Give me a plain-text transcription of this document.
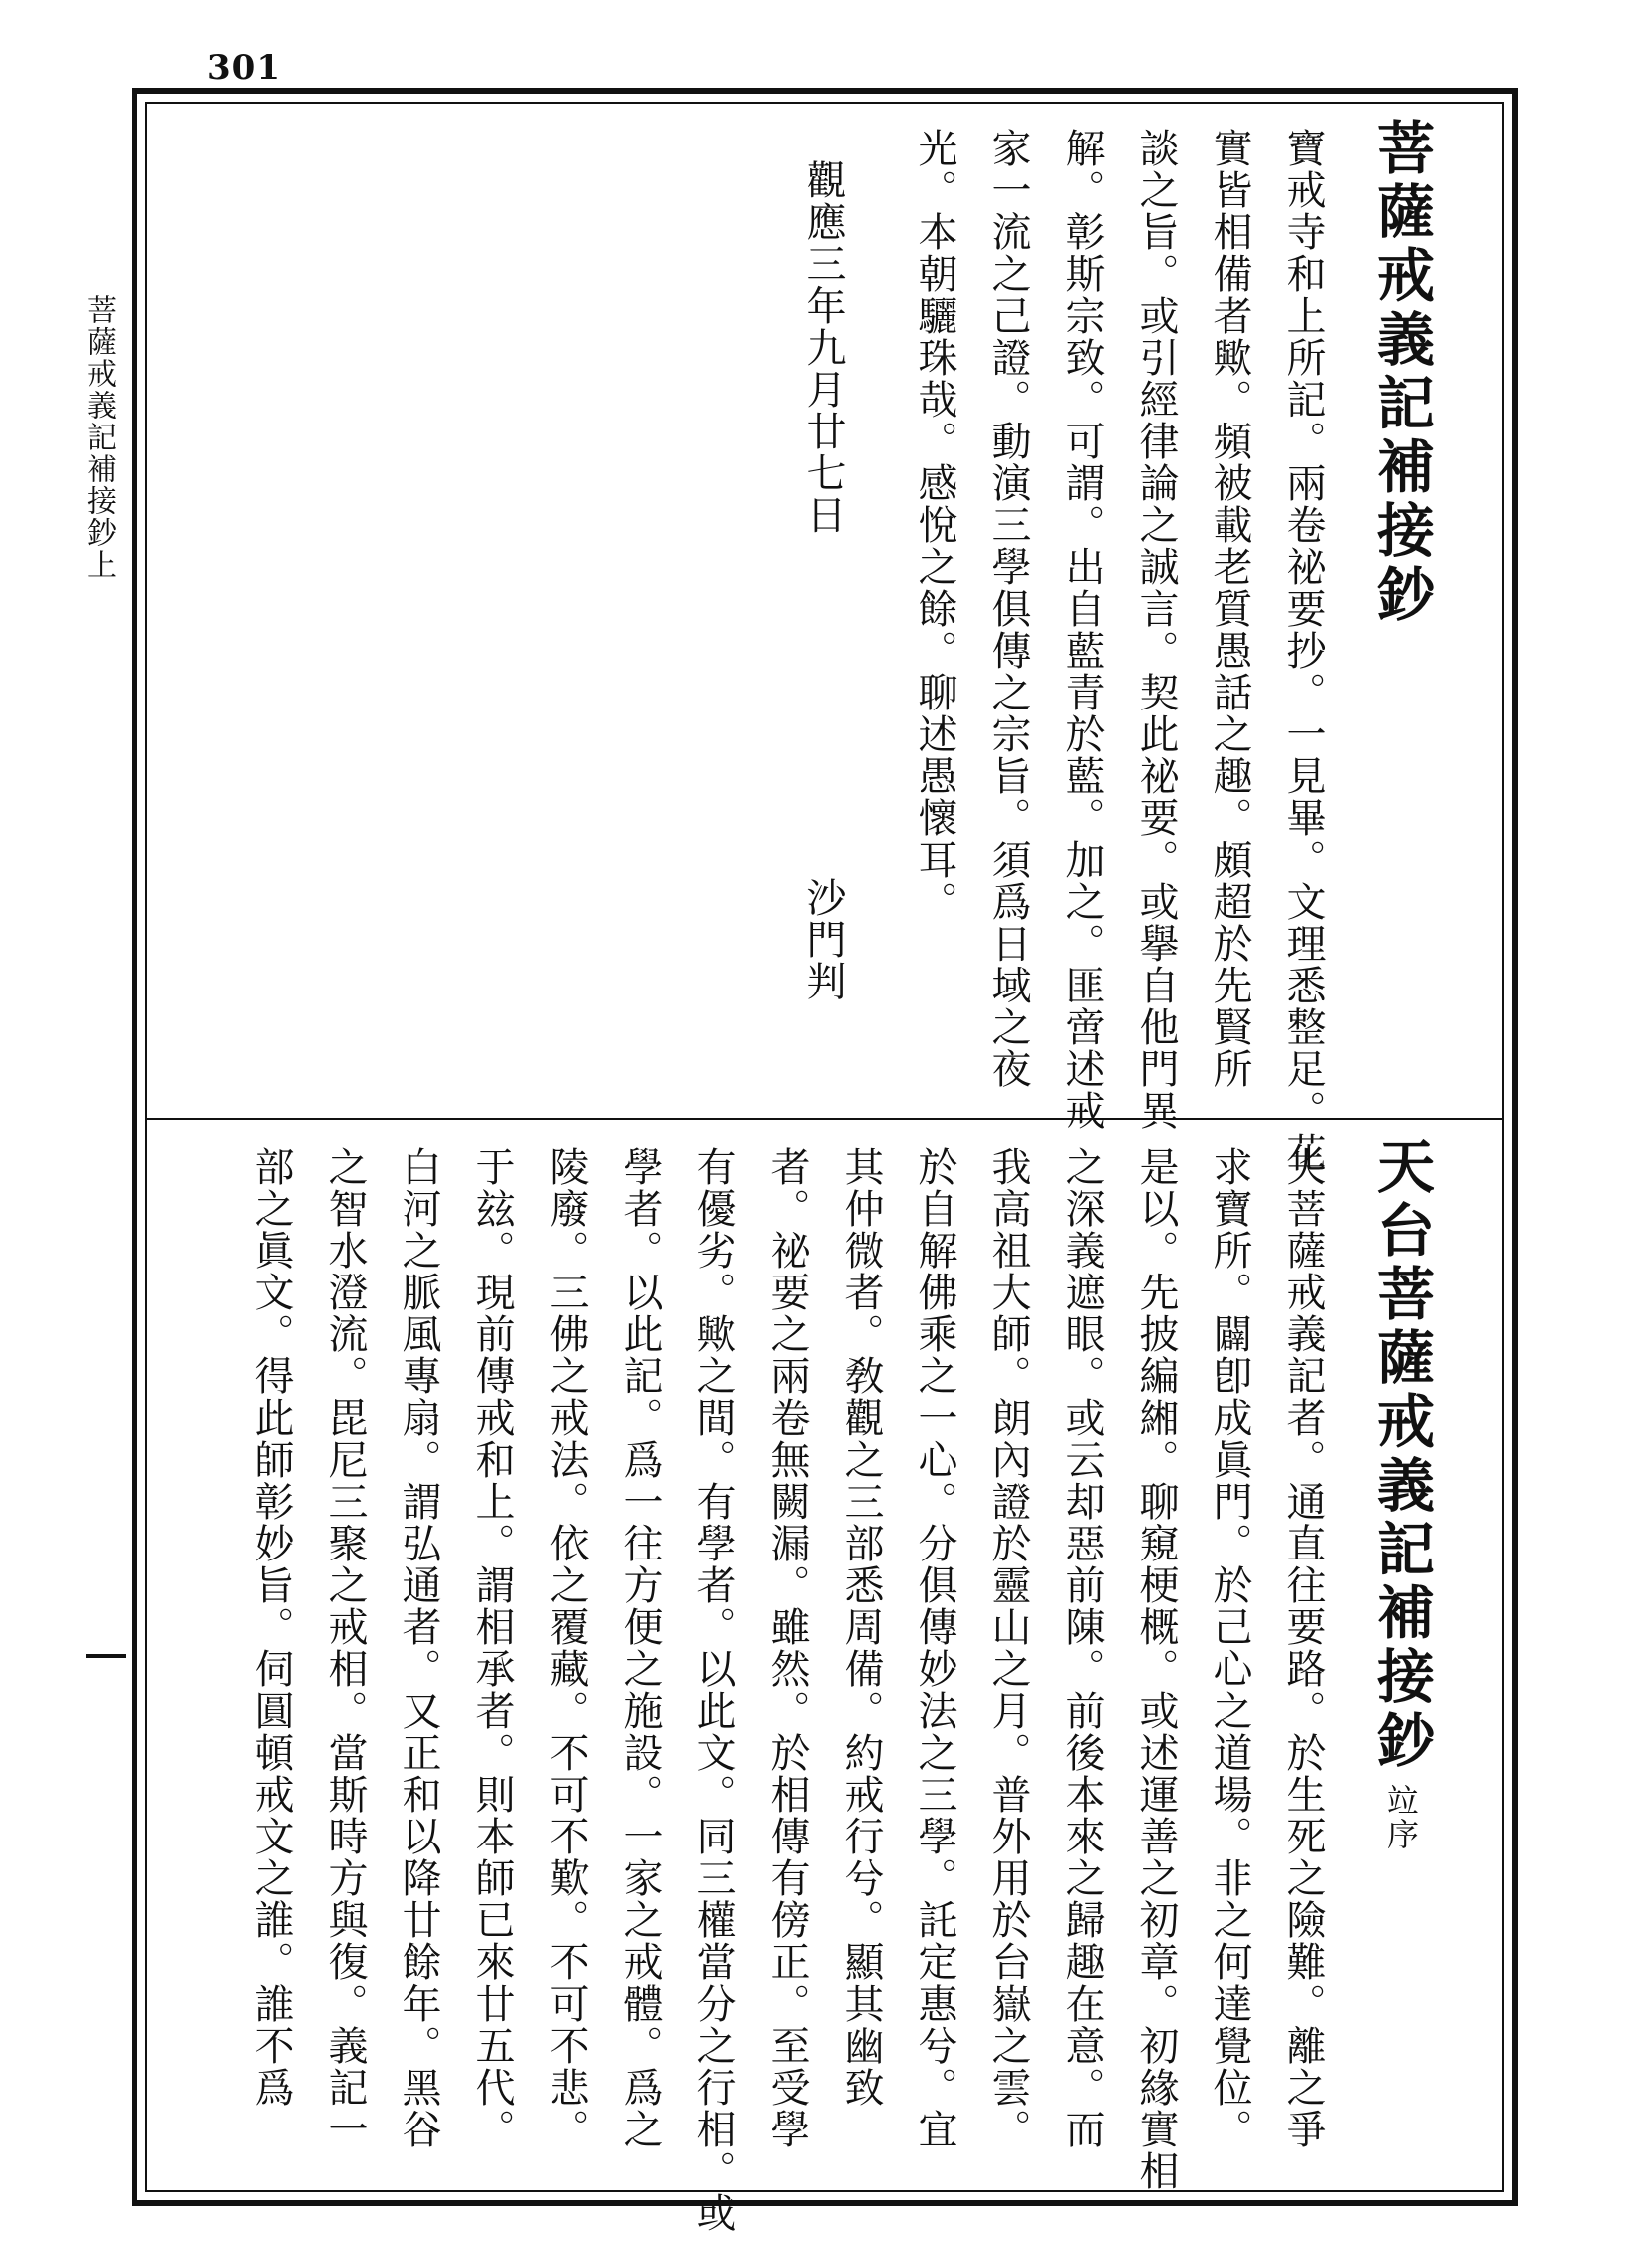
301
菩薩戒義記補接鈔上	菩薩戒義記補接鈔
寶戒寺和上所記。兩卷祕要抄。一見畢。文理悉整足。花
實皆相備者歟。頻被載老質愚話之趣。頗超於先賢所
談之旨。或引經律論之誠言。契此祕要。或擧自他門異
解。彰斯宗致。可謂。出自藍青於藍。加之。匪啻述戒
家一流之己證。動演三學俱傳之宗旨。須爲日域之夜
光。本朝驪珠哉。感悅之餘。聊述愚懷耳。
觀應三年九月廿七日
沙門判
天台菩薩戒義記補接鈔
竝序
夫菩薩戒義記者。通直往要路。於生死之險難。離之爭
求寶所。闢卽成眞門。於己心之道場。非之何達覺位。
是以。先披編緗。聊窺梗概。或述運善之初章。初緣實相
之深義遮眼。或云却惡前陳。前後本來之歸趣在意。而
我高祖大師。朗內證於靈山之月。普外用於台嶽之雲。
於自解佛乘之一心。分俱傳妙法之三學。託定惠兮。宜
其仲微者。敎觀之三部悉周備。約戒行兮。顯其幽致
者。祕要之兩卷無闕漏。雖然。於相傳有傍正。至受學
有優劣。歟之間。有學者。以此文。同三權當分之行相。或
學者。以此記。爲一往方便之施設。一家之戒體。爲之
陵廢。三佛之戒法。依之覆藏。不可不歎。不可不悲。
于玆。現前傳戒和上。謂相承者。則本師已來廿五代。
白河之脈風專扇。謂弘通者。又正和以降廿餘年。黑谷
之智水澄流。毘尼三聚之戒相。當斯時方與復。義記一
部之眞文。得此師彰妙旨。伺圓頓戒文之誰。誰不爲
